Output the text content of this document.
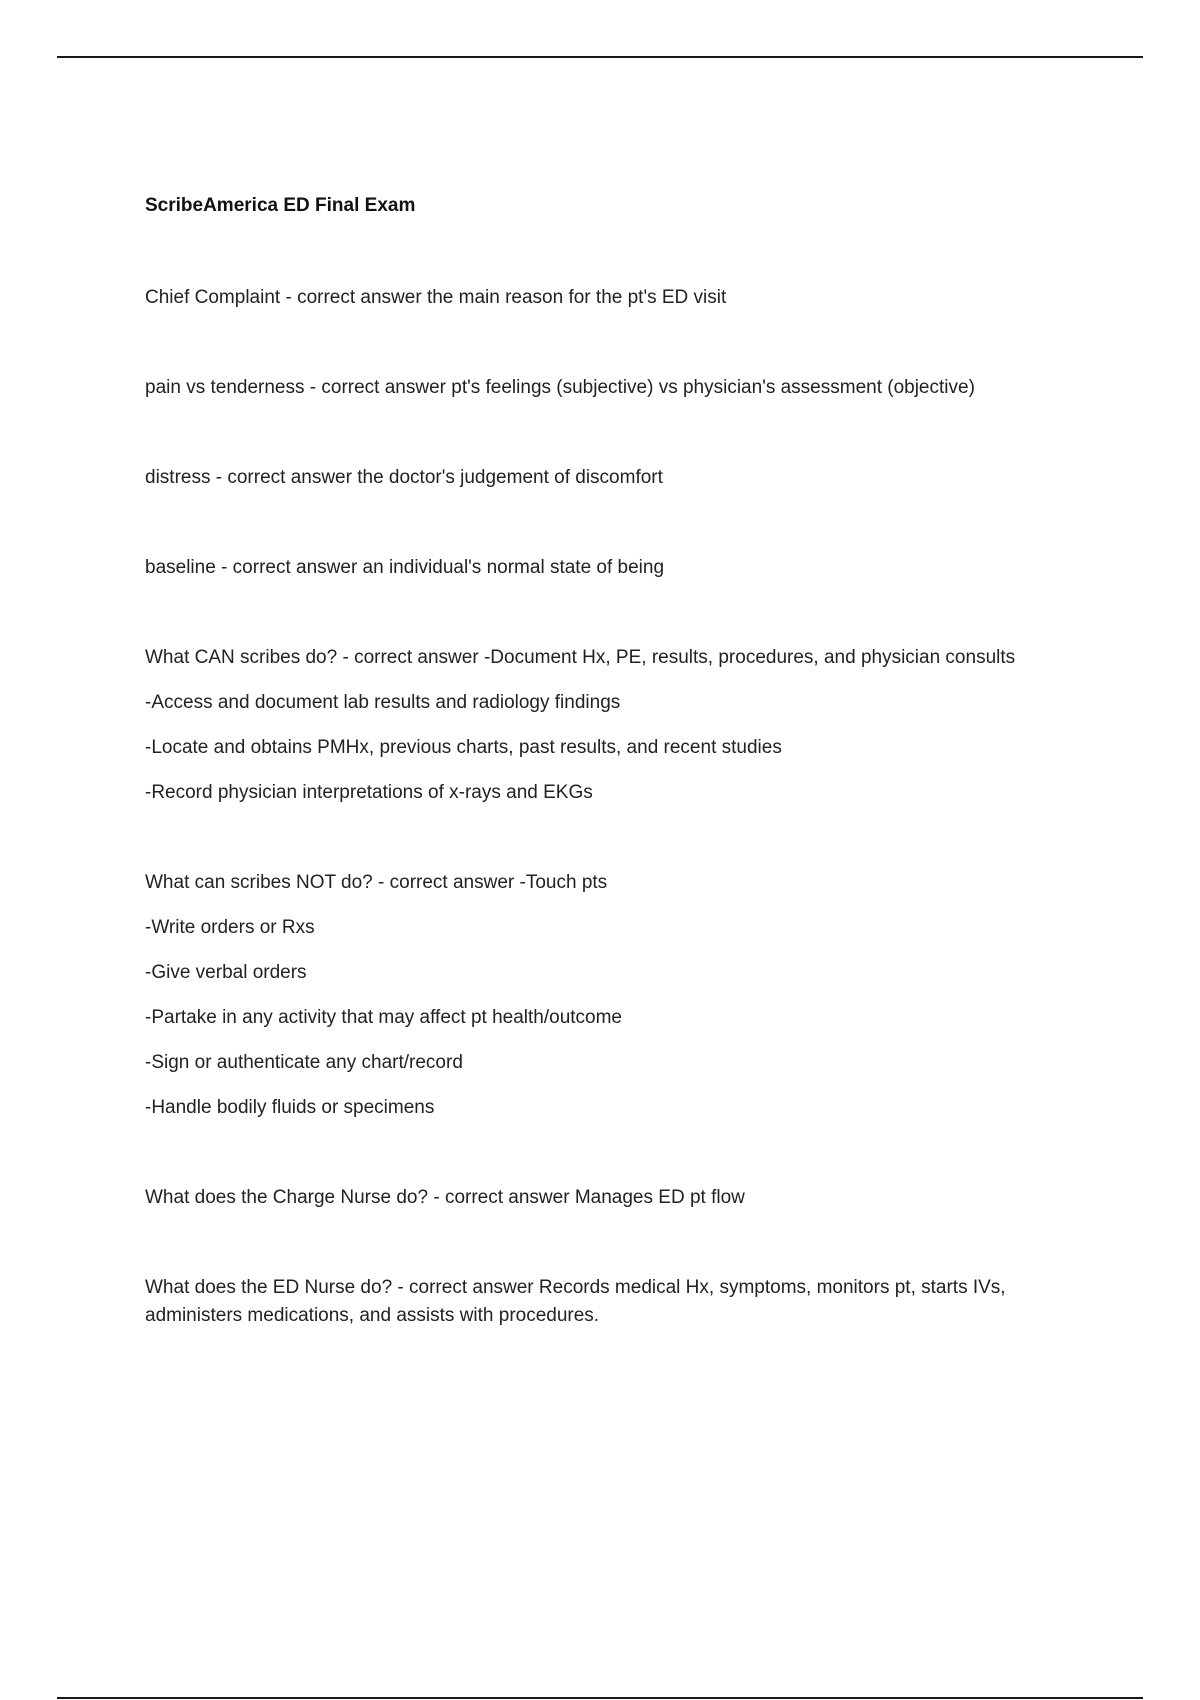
ScribeAmerica ED Final Exam
Chief Complaint - correct answer the main reason for the pt's ED visit
pain vs tenderness - correct answer pt's feelings (subjective) vs physician's assessment (objective)
distress - correct answer the doctor's judgement of discomfort
baseline - correct answer an individual's normal state of being
What CAN scribes do? - correct answer -Document Hx, PE, results, procedures, and physician consults
-Access and document lab results and radiology findings
-Locate and obtains PMHx, previous charts, past results, and recent studies
-Record physician interpretations of x-rays and EKGs
What can scribes NOT do? - correct answer -Touch pts
-Write orders or Rxs
-Give verbal orders
-Partake in any activity that may affect pt health/outcome
-Sign or authenticate any chart/record
-Handle bodily fluids or specimens
What does the Charge Nurse do? - correct answer Manages ED pt flow
What does the ED Nurse do? - correct answer Records medical Hx, symptoms, monitors pt, starts IVs, administers medications, and assists with procedures.
